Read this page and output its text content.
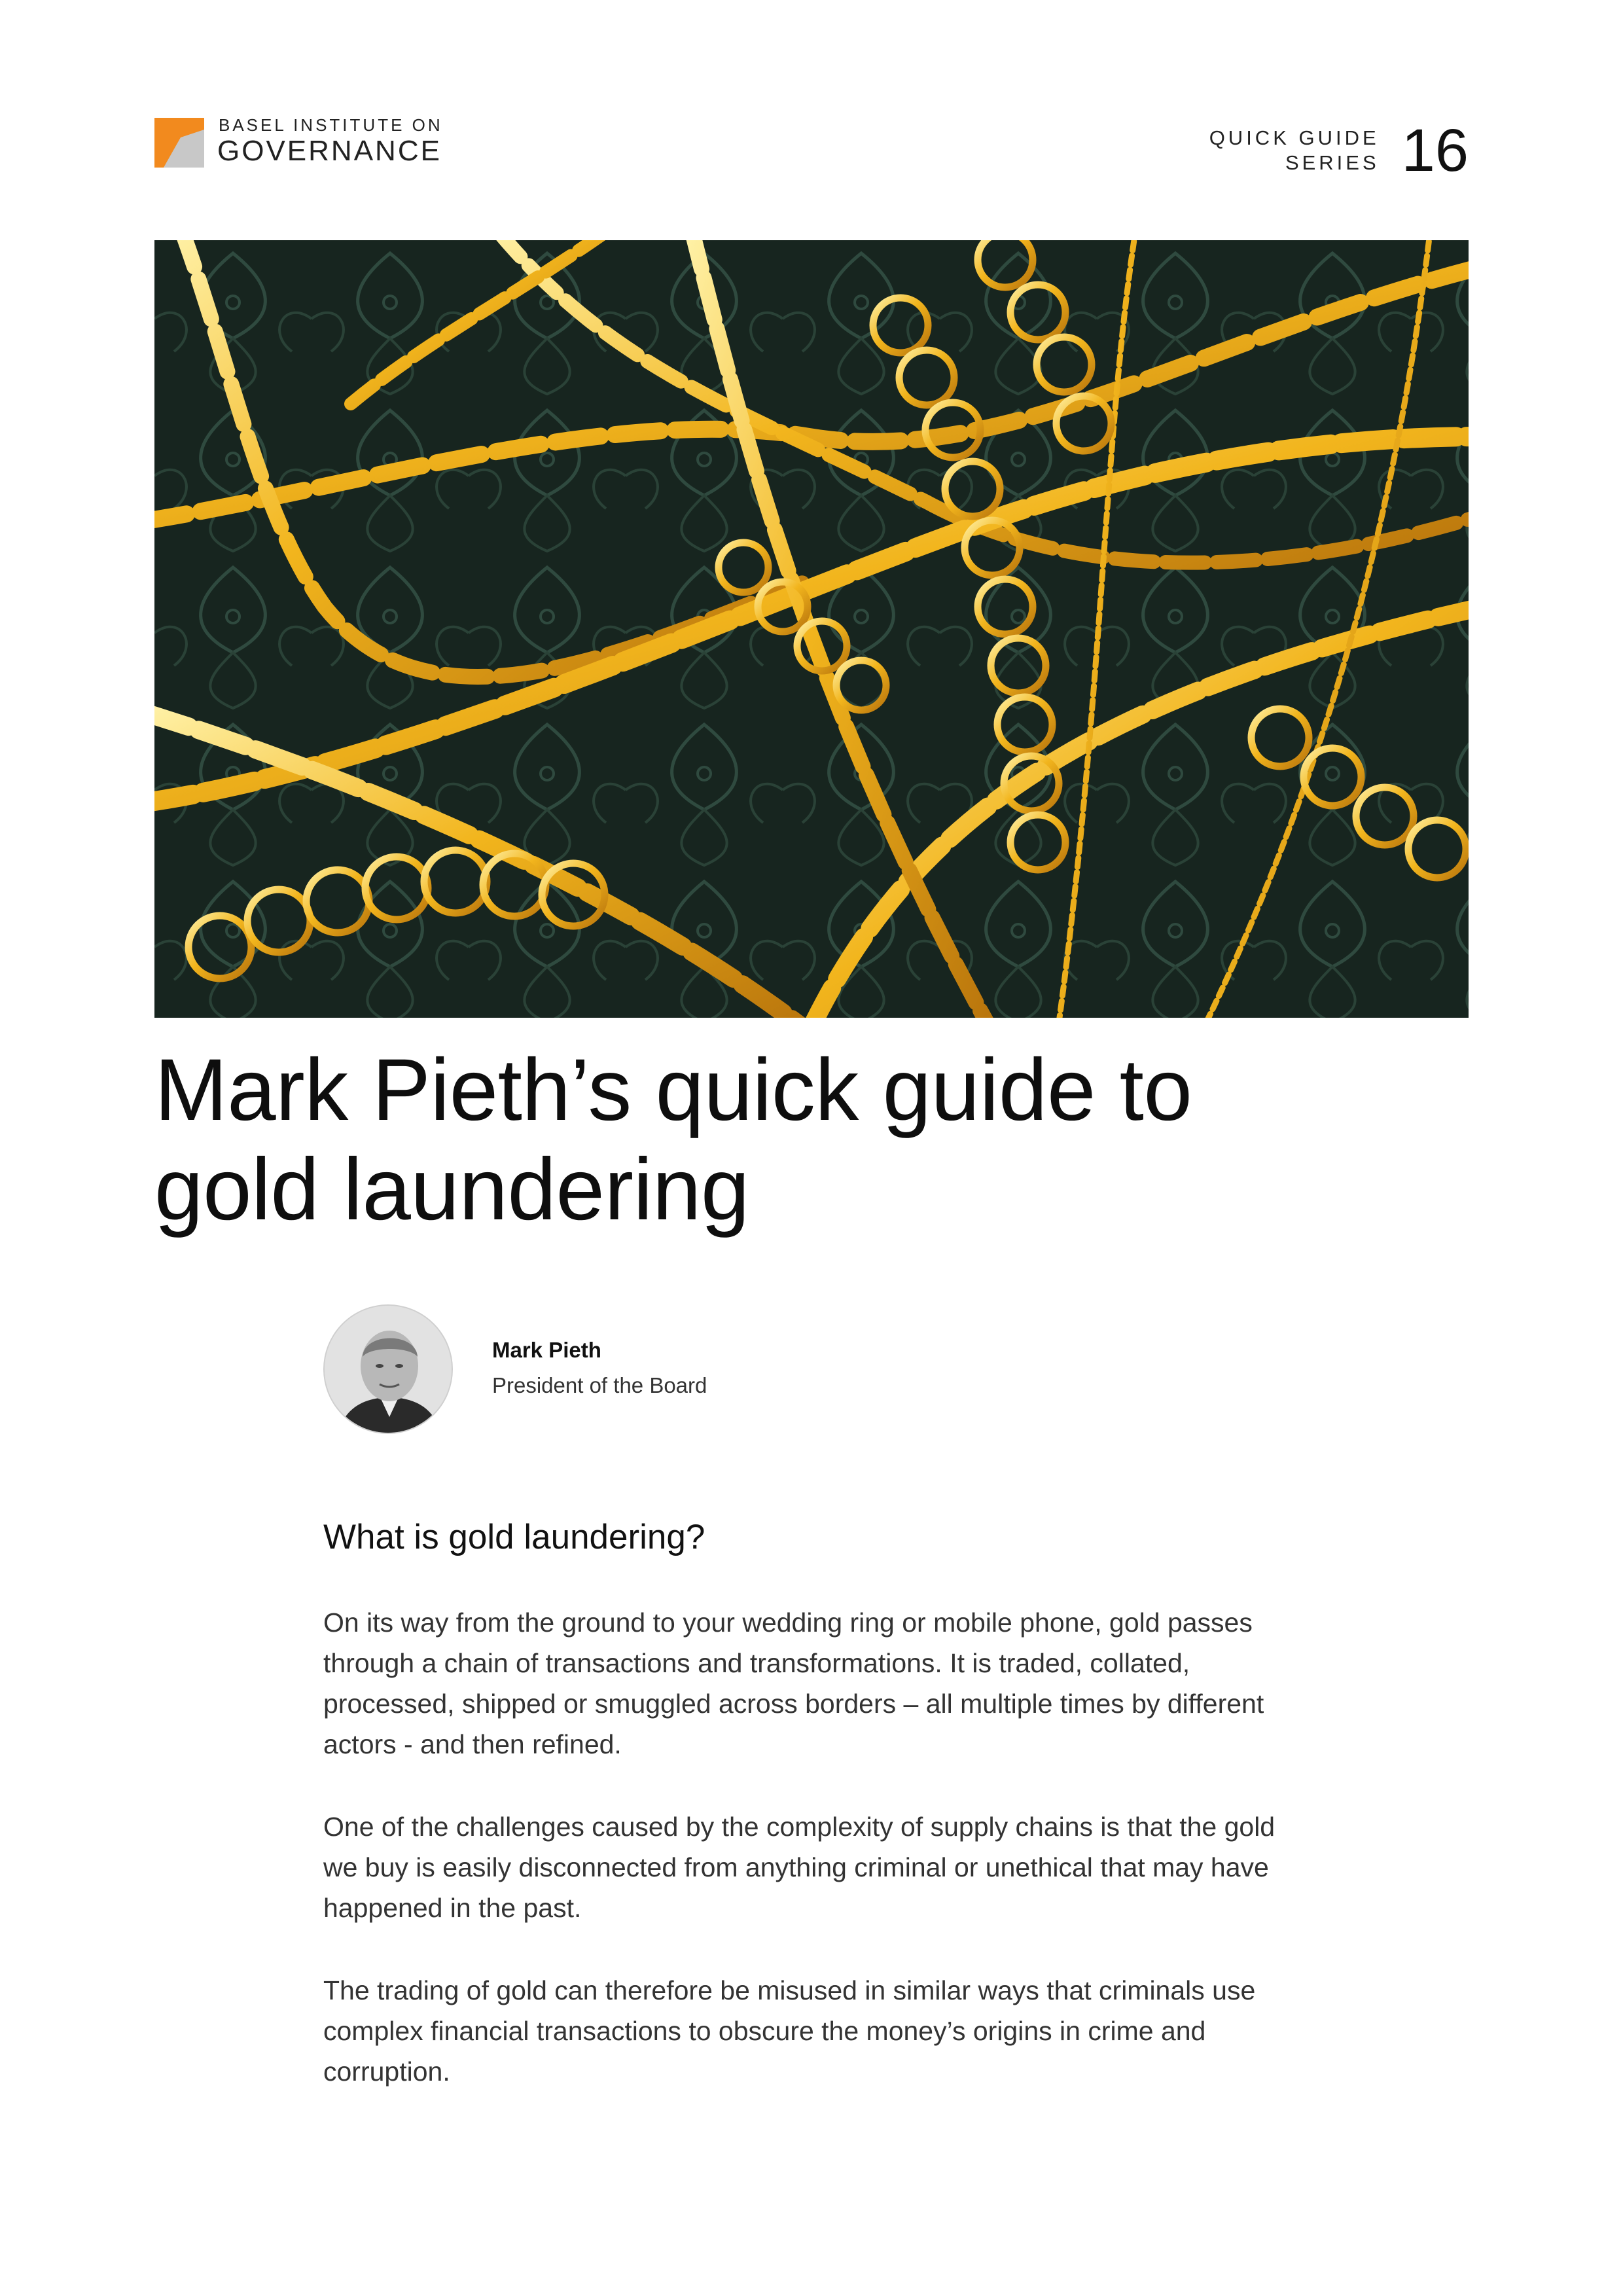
BASEL INSTITUTE ON
GOVERNANCE	QUICK GUIDE
SERIES 16
Mark Pieth’s quick guide to
gold laundering
Mark Pieth
President of the Board
What is gold laundering?

On its way from the ground to your wedding ring or mobile phone, gold passes through a chain of transactions and transformations. It is traded, collated, processed, shipped or smuggled across borders – all multiple times by different actors - and then refined.

One of the challenges caused by the complexity of supply chains is that the gold we buy is easily disconnected from anything criminal or unethical that may have happened in the past.

The trading of gold can therefore be misused in similar ways that criminals use complex financial transactions to obscure the money’s origins in crime and corruption.
